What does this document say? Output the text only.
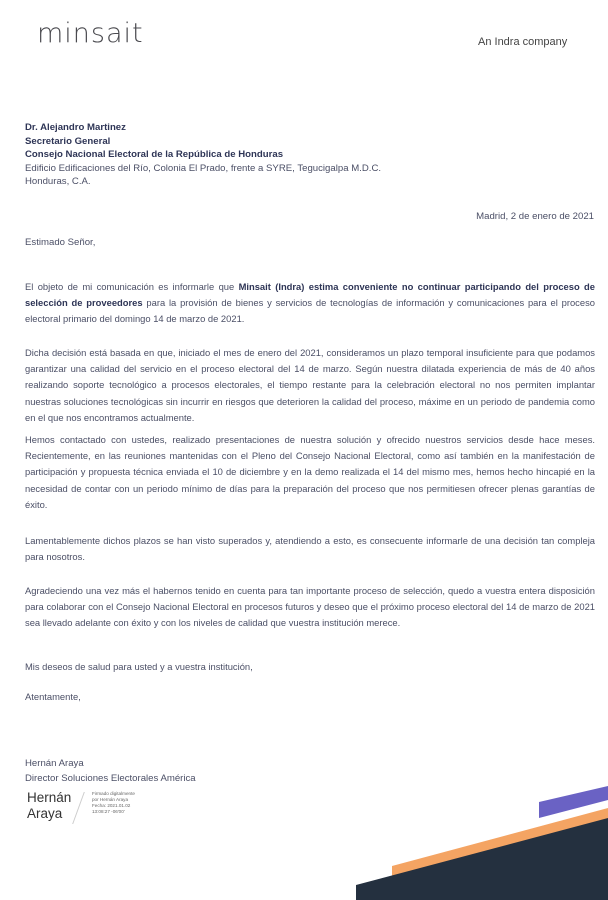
minsait	An Indra company
Dr. Alejandro Martinez
Secretario General
Consejo Nacional Electoral de la República de Honduras
Edificio Edificaciones del Río, Colonia El Prado, frente a SYRE, Tegucigalpa M.D.C.
Honduras, C.A.
Madrid, 2 de enero de 2021
Estimado Señor,
El objeto de mi comunicación es informarle que Minsait (Indra) estima conveniente no continuar participando del proceso de selección de proveedores para la provisión de bienes y servicios de tecnologías de información y comunicaciones para el proceso electoral primario del domingo 14 de marzo de 2021.
Dicha decisión está basada en que, iniciado el mes de enero del 2021, consideramos un plazo temporal insuficiente para que podamos garantizar una calidad del servicio en el proceso electoral del 14 de marzo. Según nuestra dilatada experiencia de más de 40 años realizando soporte tecnológico a procesos electorales, el tiempo restante para la celebración electoral no nos permiten implantar nuestras soluciones tecnológicas sin incurrir en riesgos que deterioren la calidad del proceso, máxime en un periodo de pandemia como en el que nos encontramos actualmente.
Hemos contactado con ustedes, realizado presentaciones de nuestra solución y ofrecido nuestros servicios desde hace meses. Recientemente, en las reuniones mantenidas con el Pleno del Consejo Nacional Electoral, como así también en la manifestación de participación y propuesta técnica enviada el 10 de diciembre y en la demo realizada el 14 del mismo mes, hemos hecho hincapié en la necesidad de contar con un periodo mínimo de días para la preparación del proceso que nos permitiesen ofrecer plenas garantías de éxito.
Lamentablemente dichos plazos se han visto superados y, atendiendo a esto, es consecuente informarle de una decisión tan compleja para nosotros.
Agradeciendo una vez más el habernos tenido en cuenta para tan importante proceso de selección, quedo a vuestra entera disposición para colaborar con el Consejo Nacional Electoral en procesos futuros y deseo que el próximo proceso electoral del 14 de marzo de 2021 sea llevado adelante con éxito y con los niveles de calidad que vuestra institución merece.
Mis deseos de salud para usted y a vuestra institución,
Atentamente,
Hernán Araya
Director Soluciones Electorales América
Hernán
Araya
Firmado digitalmente
por Hernán Araya
Fecha: 2021.01.02
13:08:27 -06'00'
